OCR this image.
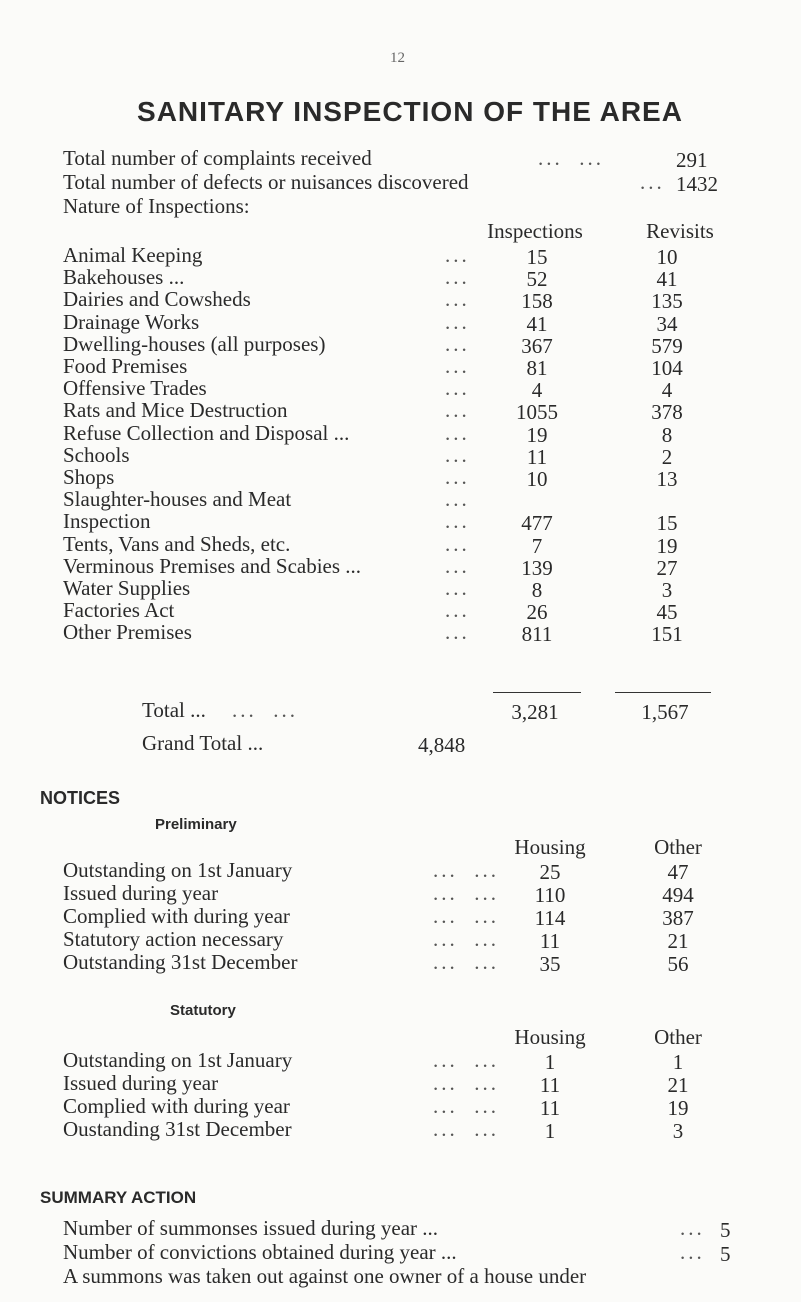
12
SANITARY INSPECTION OF THE AREA
Total number of complaints received	...  ...	291
Total number of defects or nuisances discovered	... 1432
Nature of Inspections:
Inspections	Revisits
Animal Keeping	...	15	10
Bakehouses ...	...	52	41
Dairies and Cowsheds	...	158	135
Drainage Works	...	41	34
Dwelling-houses (all purposes)	...	367	579
Food Premises	...	81	104
Offensive Trades	...	4	4
Rats and Mice Destruction	...	1055	378
Refuse Collection and Disposal ...	...	19	8
Schools	...	11	2
Shops	...	10	13
Slaughter-houses and Meat	...
Inspection	...	477	15
Tents, Vans and Sheds, etc.	...	7	19
Verminous Premises and Scabies ...	...	139	27
Water Supplies	...	8	3
Factories Act	...	26	45
Other Premises	...	811	151
Total ... ...  ...	3,281	1,567
Grand Total ...	4,848
NOTICES
Preliminary
Housing	Other
Outstanding on 1st January	...  ...	25	47
Issued during year	...  ...	110	494
Complied with during year	...  ...	114	387
Statutory action necessary	...  ...	11	21
Outstanding 31st December	...  ...	35	56
Statutory
Housing	Other
Outstanding on 1st January	...  ...	1	1
Issued during year	...  ...	11	21
Complied with during year	...  ...	11	19
Oustanding 31st December	...  ...	1	3
SUMMARY ACTION
Number of summonses issued during year ...	... 5
Number of convictions obtained during year ...	... 5
A summons was taken out against one owner of a house under
